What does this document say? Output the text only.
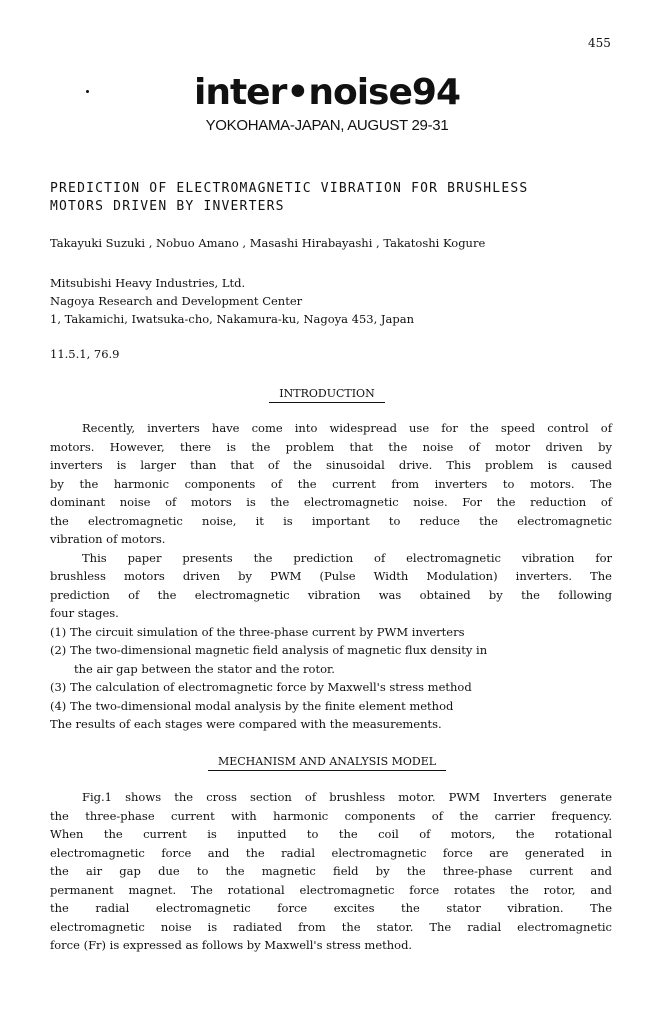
455
inter•noise94
YOKOHAMA-JAPAN, AUGUST 29-31
PREDICTION OF ELECTROMAGNETIC VIBRATION FOR BRUSHLESS
MOTORS DRIVEN BY INVERTERS
Takayuki Suzuki , Nobuo Amano , Masashi Hirabayashi , Takatoshi Kogure
Mitsubishi Heavy Industries, Ltd.
Nagoya Research and Development Center
1, Takamichi, Iwatsuka-cho, Nakamura-ku, Nagoya 453, Japan
11.5.1, 76.9
INTRODUCTION
Recently, inverters have come into widespread use for the speed control of
motors. However, there is the problem that the noise of motor driven by
inverters is larger than that of the sinusoidal drive. This problem is caused
by the harmonic components of the current from inverters to motors. The
dominant noise of motors is the electromagnetic noise. For the reduction of
the electromagnetic noise, it is important to reduce the electromagnetic
vibration of motors.
This paper presents the prediction of electromagnetic vibration for
brushless motors driven by PWM (Pulse Width Modulation) inverters. The
prediction of the electromagnetic vibration was obtained by the following
four stages.
(1) The circuit simulation of the three-phase current by PWM inverters
(2) The two-dimensional magnetic field analysis of magnetic flux density in
the air gap between the stator and the rotor.
(3) The calculation of electromagnetic force by Maxwell's stress method
(4) The two-dimensional modal analysis by the finite element method
The results of each stages were compared with the measurements.
MECHANISM AND ANALYSIS MODEL
Fig.1 shows the cross section of brushless motor. PWM Inverters generate
the three-phase current with harmonic components of the carrier frequency.
When the current is inputted to the coil of motors, the rotational
electromagnetic force and the radial electromagnetic force are generated in
the air gap due to the magnetic field by the three-phase current and
permanent magnet. The rotational electromagnetic force rotates the rotor, and
the radial electromagnetic force excites the stator vibration. The
electromagnetic noise is radiated from the stator. The radial electromagnetic
force (Fr) is expressed as follows by Maxwell's stress method.
